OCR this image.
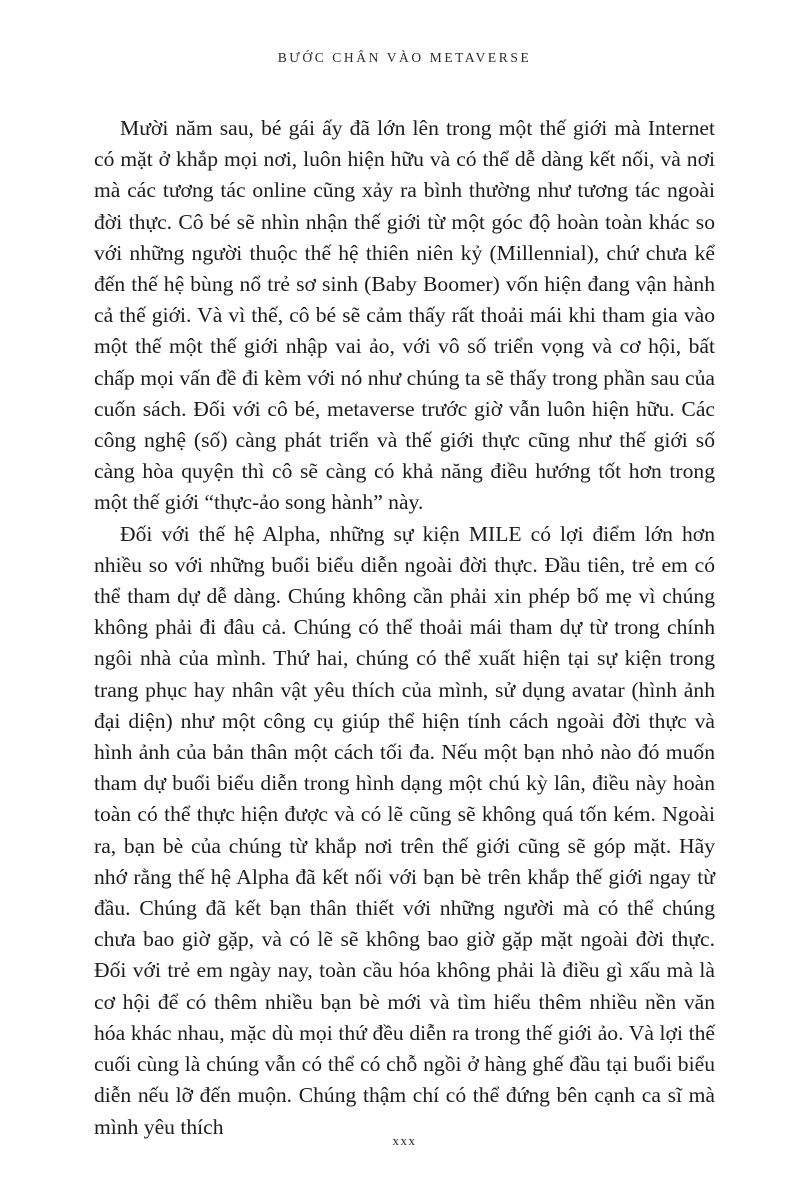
BƯỚC CHÂN VÀO METAVERSE

Mười năm sau, bé gái ấy đã lớn lên trong một thế giới mà Internet có mặt ở khắp mọi nơi, luôn hiện hữu và có thể dễ dàng kết nối, và nơi mà các tương tác online cũng xảy ra bình thường như tương tác ngoài đời thực. Cô bé sẽ nhìn nhận thế giới từ một góc độ hoàn toàn khác so với những người thuộc thế hệ thiên niên kỷ (Millennial), chứ chưa kể đến thế hệ bùng nổ trẻ sơ sinh (Baby Boomer) vốn hiện đang vận hành cả thế giới. Và vì thế, cô bé sẽ cảm thấy rất thoải mái khi tham gia vào một thế một thế giới nhập vai ảo, với vô số triển vọng và cơ hội, bất chấp mọi vấn đề đi kèm với nó như chúng ta sẽ thấy trong phần sau của cuốn sách. Đối với cô bé, metaverse trước giờ vẫn luôn hiện hữu. Các công nghệ (số) càng phát triển và thế giới thực cũng như thế giới số càng hòa quyện thì cô sẽ càng có khả năng điều hướng tốt hơn trong một thế giới “thực-ảo song hành” này.

Đối với thế hệ Alpha, những sự kiện MILE có lợi điểm lớn hơn nhiều so với những buổi biểu diễn ngoài đời thực. Đầu tiên, trẻ em có thể tham dự dễ dàng. Chúng không cần phải xin phép bố mẹ vì chúng không phải đi đâu cả. Chúng có thể thoải mái tham dự từ trong chính ngôi nhà của mình. Thứ hai, chúng có thể xuất hiện tại sự kiện trong trang phục hay nhân vật yêu thích của mình, sử dụng avatar (hình ảnh đại diện) như một công cụ giúp thể hiện tính cách ngoài đời thực và hình ảnh của bản thân một cách tối đa. Nếu một bạn nhỏ nào đó muốn tham dự buổi biểu diễn trong hình dạng một chú kỳ lân, điều này hoàn toàn có thể thực hiện được và có lẽ cũng sẽ không quá tốn kém. Ngoài ra, bạn bè của chúng từ khắp nơi trên thế giới cũng sẽ góp mặt. Hãy nhớ rằng thế hệ Alpha đã kết nối với bạn bè trên khắp thế giới ngay từ đầu. Chúng đã kết bạn thân thiết với những người mà có thể chúng chưa bao giờ gặp, và có lẽ sẽ không bao giờ gặp mặt ngoài đời thực. Đối với trẻ em ngày nay, toàn cầu hóa không phải là điều gì xấu mà là cơ hội để có thêm nhiều bạn bè mới và tìm hiểu thêm nhiều nền văn hóa khác nhau, mặc dù mọi thứ đều diễn ra trong thế giới ảo. Và lợi thế cuối cùng là chúng vẫn có thể có chỗ ngồi ở hàng ghế đầu tại buổi biểu diễn nếu lỡ đến muộn. Chúng thậm chí có thể đứng bên cạnh ca sĩ mà mình yêu thích

xxx
